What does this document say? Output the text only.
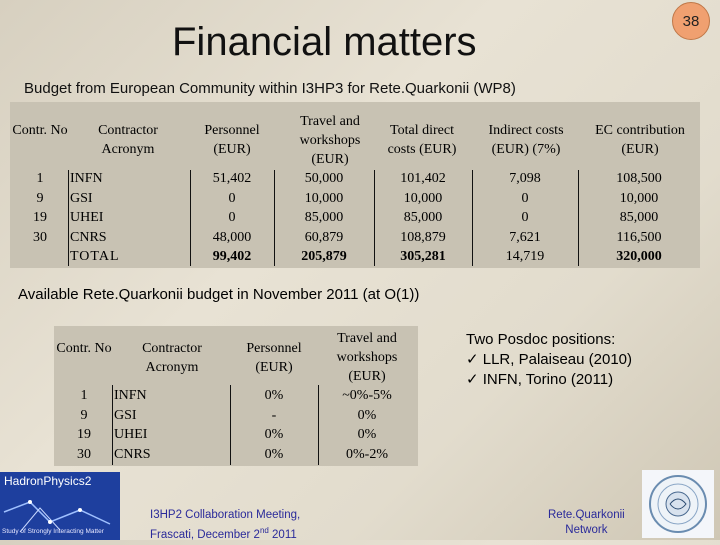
38
Financial matters
Budget from European Community within I3HP3 for Rete.Quarkonii (WP8)
Contr. No	Contractor Acronym
Personnel (EUR)
Travel and workshops (EUR)
Total direct costs (EUR)
Indirect costs (EUR) (7%)
EC contribution (EUR)
1
9
19
30
INFN
GSI
UHEI
CNRS
TOTAL
51,402
0
0
48,000
99,402
50,000
10,000
85,000
60,879
205,879
101,402
10,000
85,000
108,879
305,281
7,098
0
0
7,621
14,719
108,500
10,000
85,000
116,500
320,000
Available Rete.Quarkonii budget in November 2011 (at O(1))
Contr. No	Contractor Acronym
Personnel (EUR)
Travel and workshops (EUR)
1
9
19
30
INFN
GSI
UHEI
CNRS
0%
-
0%
0%
~0%-5%
0%
0%
0%-2%
Two Posdoc positions:
✓ LLR, Palaiseau (2010)
✓ INFN, Torino (2011)
HadronPhysics2
Study of Strongly Interacting Matter
I3HP2 Collaboration Meeting,
Frascati, December 2nd 2011
Rete.Quarkonii
Network
